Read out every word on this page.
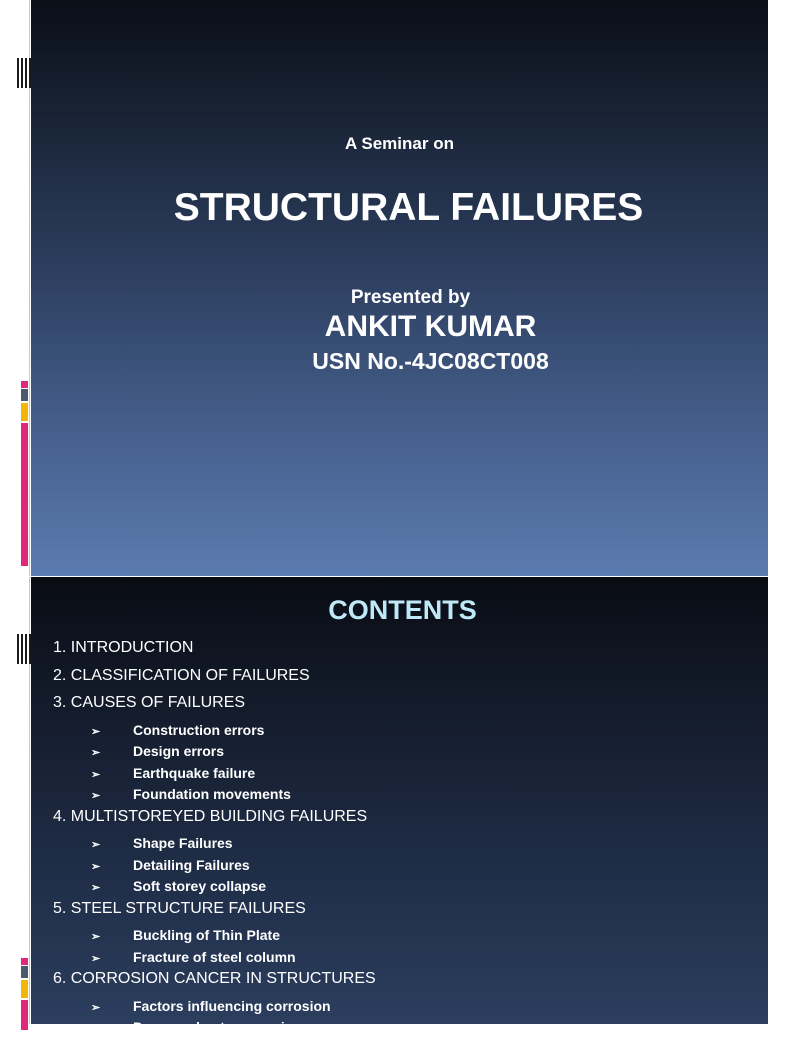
A Seminar on
STRUCTURAL FAILURES
Presented by
ANKIT KUMAR
USN No.-4JC08CT008
CONTENTS
1. INTRODUCTION
2. CLASSIFICATION OF FAILURES
3. CAUSES OF FAILURES
➢ Construction errors
➢ Design errors
➢ Earthquake failure
➢ Foundation movements
4. MULTISTOREYED BUILDING FAILURES
➢ Shape Failures
➢ Detailing Failures
➢ Soft storey collapse
5. STEEL STRUCTURE FAILURES
➢ Buckling of Thin Plate
➢ Fracture of steel column
6. CORROSION CANCER IN STRUCTURES
➢ Factors influencing corrosion
➢ Damage due to corrosion
